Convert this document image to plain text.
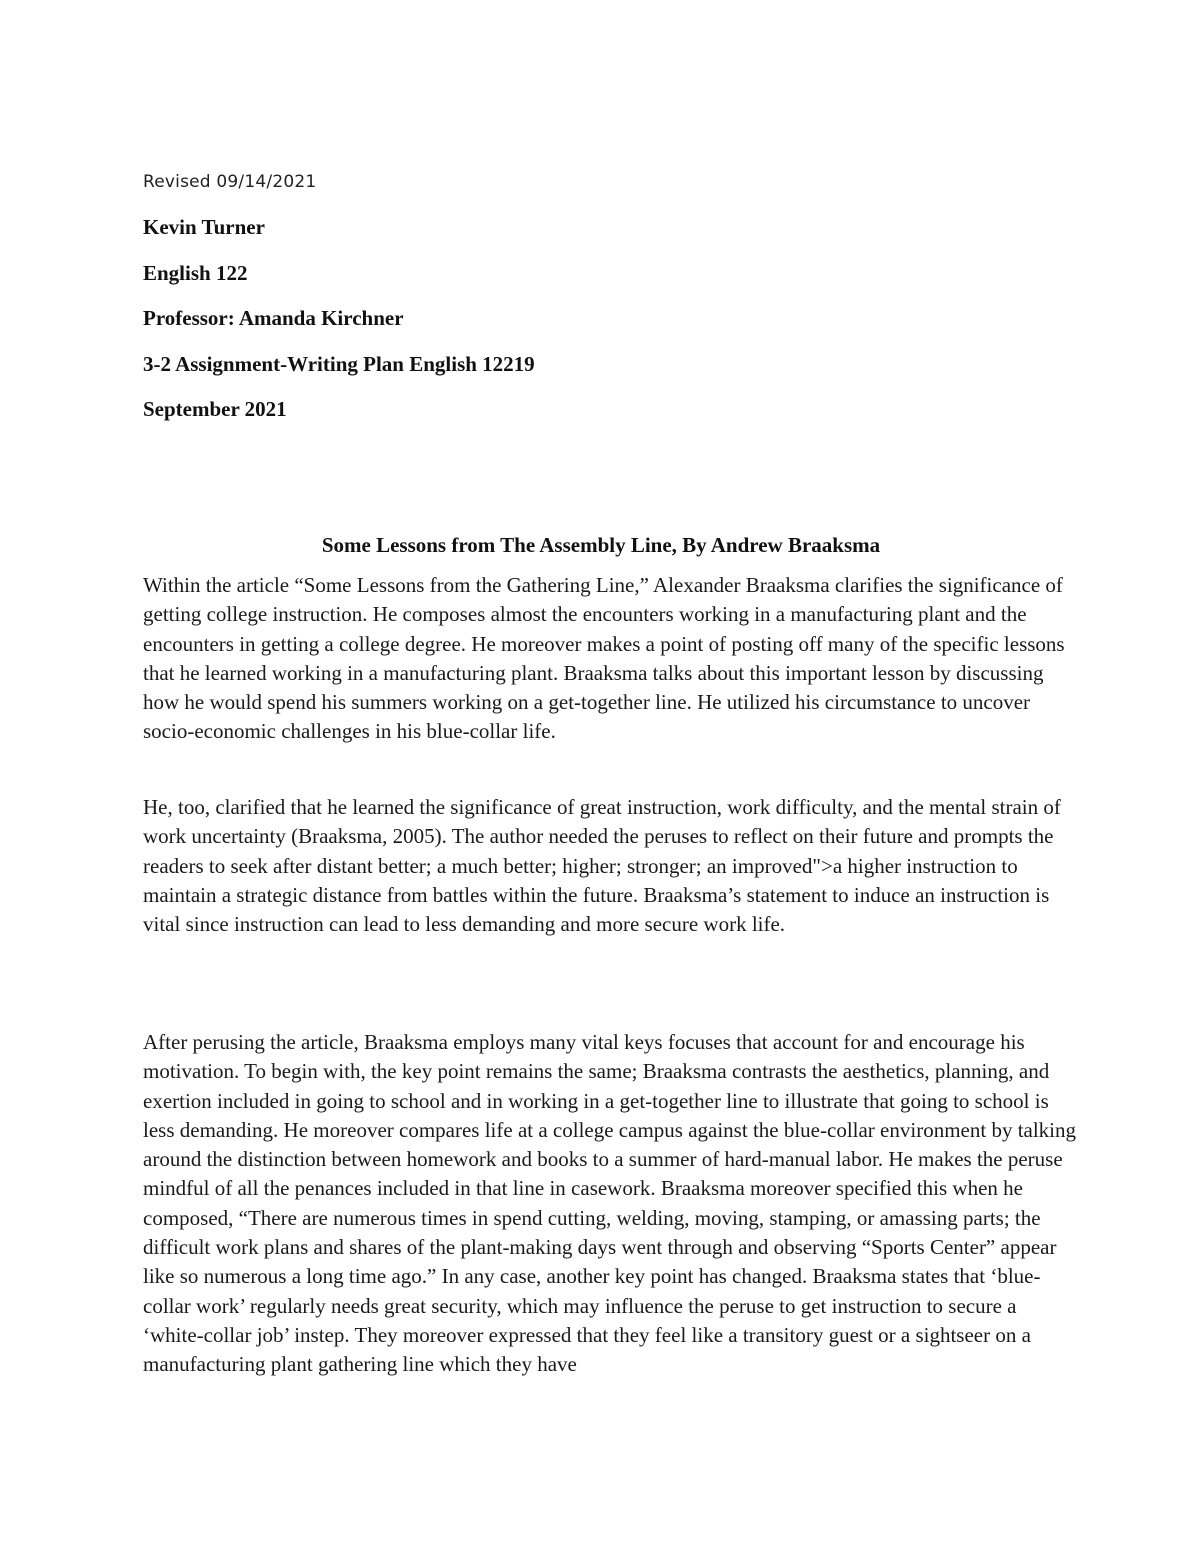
Revised 09/14/2021
Kevin Turner
English 122
Professor: Amanda Kirchner
3-2 Assignment-Writing Plan English 12219
September 2021
Some Lessons from The Assembly Line, By Andrew Braaksma

Within the article “Some Lessons from the Gathering Line,” Alexander Braaksma clarifies the significance of getting college instruction. He composes almost the encounters working in a manufacturing plant and the encounters in getting a college degree. He moreover makes a point of posting off many of the specific lessons that he learned working in a manufacturing plant. Braaksma talks about this important lesson by discussing how he would spend his summers working on a get-together line. He utilized his circumstance to uncover socio-economic challenges in his blue-collar life.

He, too, clarified that he learned the significance of great instruction, work difficulty, and the mental strain of work uncertainty (Braaksma, 2005). The author needed the peruses to reflect on their future and prompts the readers to seek after distant better; a much better; higher; stronger; an improved">a higher instruction to maintain a strategic distance from battles within the future. Braaksma’s statement to induce an instruction is vital since instruction can lead to less demanding and more secure work life.

After perusing the article, Braaksma employs many vital keys focuses that account for and encourage his motivation. To begin with, the key point remains the same; Braaksma contrasts the aesthetics, planning, and exertion included in going to school and in working in a get-together line to illustrate that going to school is less demanding. He moreover compares life at a college campus against the blue-collar environment by talking around the distinction between homework and books to a summer of hard-manual labor. He makes the peruse mindful of all the penances included in that line in casework. Braaksma moreover specified this when he composed, “There are numerous times in spend cutting, welding, moving, stamping, or amassing parts; the difficult work plans and shares of the plant-making days went through and observing “Sports Center” appear like so numerous a long time ago.” In any case, another key point has changed. Braaksma states that ‘blue-collar work’ regularly needs great security, which may influence the peruse to get instruction to secure a ‘white-collar job’ instep. They moreover expressed that they feel like a transitory guest or a sightseer on a manufacturing plant gathering line which they have
